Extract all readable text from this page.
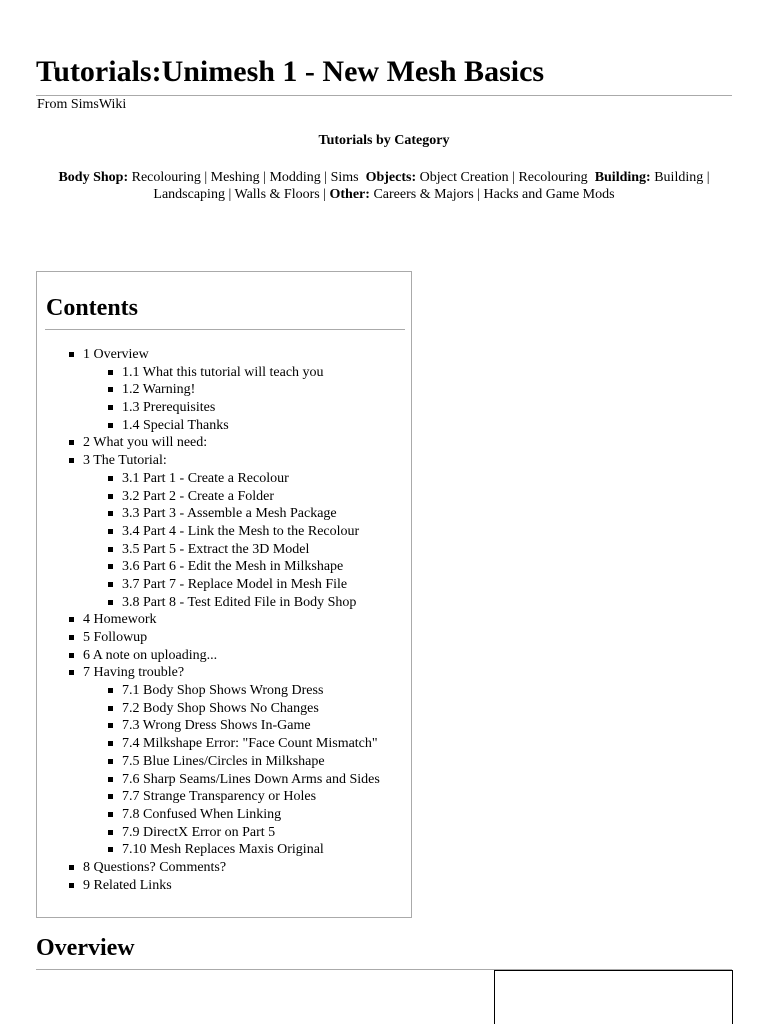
Tutorials:Unimesh 1 - New Mesh Basics
From SimsWiki
Tutorials by Category
Body Shop: Recolouring | Meshing | Modding | Sims Objects: Object Creation | Recolouring Building: Building |
Landscaping | Walls & Floors | Other: Careers & Majors | Hacks and Game Mods
Contents
1 Overview
1.1 What this tutorial will teach you
1.2 Warning!
1.3 Prerequisites
1.4 Special Thanks
2 What you will need:
3 The Tutorial:
3.1 Part 1 - Create a Recolour
3.2 Part 2 - Create a Folder
3.3 Part 3 - Assemble a Mesh Package
3.4 Part 4 - Link the Mesh to the Recolour
3.5 Part 5 - Extract the 3D Model
3.6 Part 6 - Edit the Mesh in Milkshape
3.7 Part 7 - Replace Model in Mesh File
3.8 Part 8 - Test Edited File in Body Shop
4 Homework
5 Followup
6 A note on uploading...
7 Having trouble?
7.1 Body Shop Shows Wrong Dress
7.2 Body Shop Shows No Changes
7.3 Wrong Dress Shows In-Game
7.4 Milkshape Error: "Face Count Mismatch"
7.5 Blue Lines/Circles in Milkshape
7.6 Sharp Seams/Lines Down Arms and Sides
7.7 Strange Transparency or Holes
7.8 Confused When Linking
7.9 DirectX Error on Part 5
7.10 Mesh Replaces Maxis Original
8 Questions? Comments?
9 Related Links
Overview
